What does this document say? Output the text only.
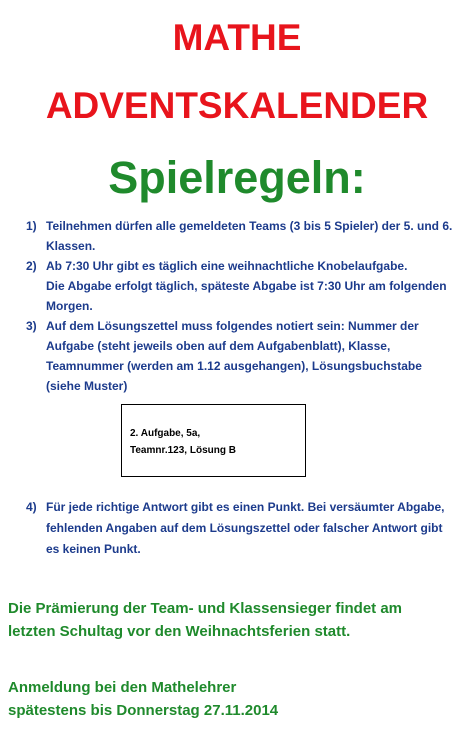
MATHE
ADVENTSKALENDER
Spielregeln:
1) Teilnehmen dürfen alle gemeldeten Teams (3 bis 5 Spieler) der 5. und 6.
Klassen.
2) Ab 7:30 Uhr gibt es täglich eine weihnachtliche Knobelaufgabe.
Die Abgabe erfolgt täglich, späteste Abgabe ist 7:30 Uhr am folgenden
Morgen.
3) Auf dem Lösungszettel muss folgendes notiert sein: Nummer der
Aufgabe (steht jeweils oben auf dem Aufgabenblatt), Klasse,
Teamnummer (werden am 1.12 ausgehangen), Lösungsbuchstabe
(siehe Muster)
2. Aufgabe, 5a,
Teamnr.123, Lösung B
4) Für jede richtige Antwort gibt es einen Punkt. Bei versäumter Abgabe,
fehlenden Angaben auf dem Lösungszettel oder falscher Antwort gibt
es keinen Punkt.

Die Prämierung der Team- und Klassensieger findet am
letzten Schultag vor den Weihnachtsferien statt.

Anmeldung bei den Mathelehrer
spätestens bis Donnerstag 27.11.2014
